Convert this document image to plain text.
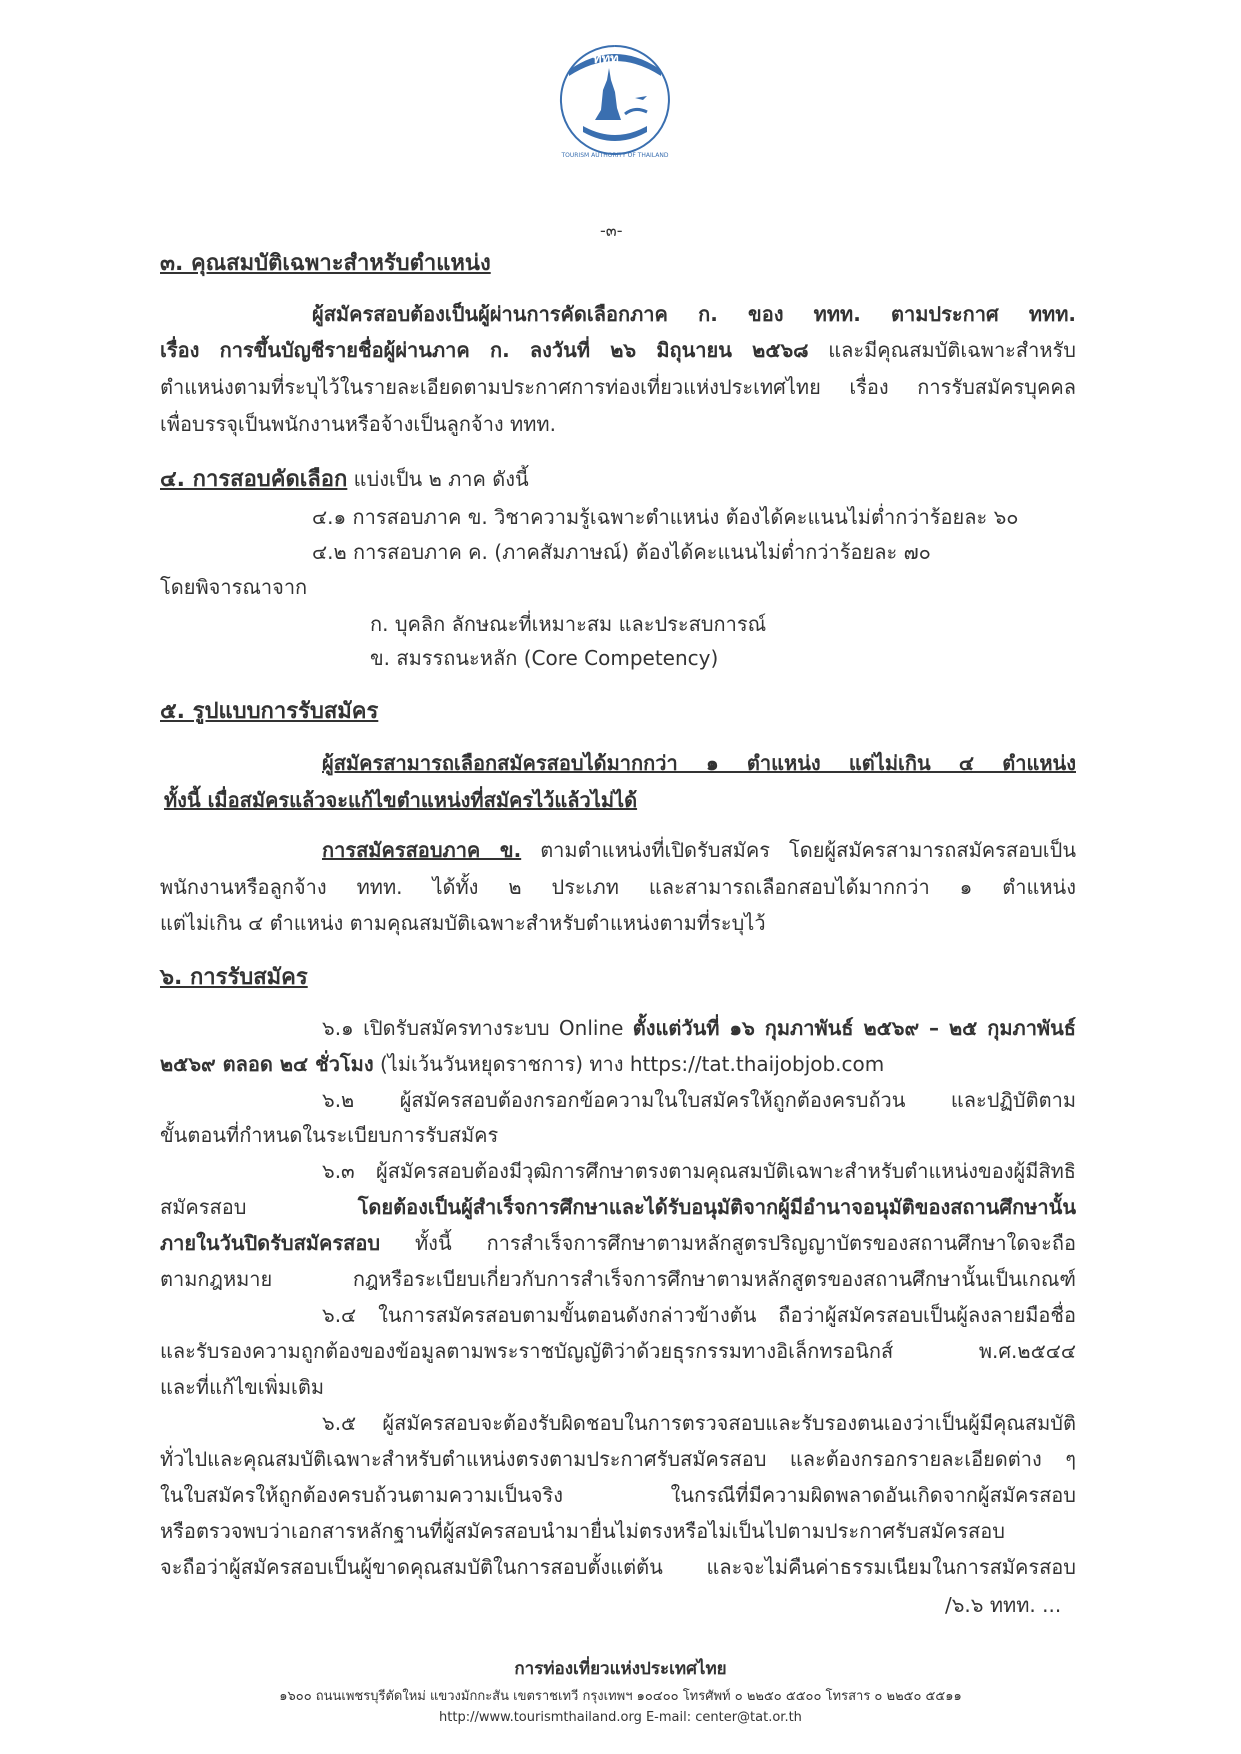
ททท
TOURISM AUTHORITY OF THAILAND
-๓-
๓. คุณสมบัติเฉพาะสำหรับตำแหน่ง
ผู้สมัครสอบต้องเป็นผู้ผ่านการคัดเลือกภาค ก. ของ ททท. ตามประกาศ ททท.
เรื่อง การขึ้นบัญชีรายชื่อผู้ผ่านภาค ก. ลงวันที่ ๒๖ มิถุนายน ๒๕๖๘ และมีคุณสมบัติเฉพาะสำหรับ
ตำแหน่งตามที่ระบุไว้ในรายละเอียดตามประกาศการท่องเที่ยวแห่งประเทศไทย เรื่อง การรับสมัครบุคคล
เพื่อบรรจุเป็นพนักงานหรือจ้างเป็นลูกจ้าง ททท.
๔. การสอบคัดเลือก แบ่งเป็น ๒ ภาค ดังนี้
๔.๑ การสอบภาค ข. วิชาความรู้เฉพาะตำแหน่ง ต้องได้คะแนนไม่ต่ำกว่าร้อยละ ๖๐
๔.๒ การสอบภาค ค. (ภาคสัมภาษณ์) ต้องได้คะแนนไม่ต่ำกว่าร้อยละ ๗๐
โดยพิจารณาจาก
ก. บุคลิก ลักษณะที่เหมาะสม และประสบการณ์
ข. สมรรถนะหลัก (Core Competency)
๕. รูปแบบการรับสมัคร
ผู้สมัครสามารถเลือกสมัครสอบได้มากกว่า ๑ ตำแหน่ง แต่ไม่เกิน ๔ ตำแหน่ง
ทั้งนี้ เมื่อสมัครแล้วจะแก้ไขตำแหน่งที่สมัครไว้แล้วไม่ได้
การสมัครสอบภาค ข. ตามตำแหน่งที่เปิดรับสมัคร โดยผู้สมัครสามารถสมัครสอบเป็น
พนักงานหรือลูกจ้าง ททท. ได้ทั้ง ๒ ประเภท และสามารถเลือกสอบได้มากกว่า ๑ ตำแหน่ง
แต่ไม่เกิน ๔ ตำแหน่ง ตามคุณสมบัติเฉพาะสำหรับตำแหน่งตามที่ระบุไว้
๖. การรับสมัคร
๖.๑ เปิดรับสมัครทางระบบ Online ตั้งแต่วันที่ ๑๖ กุมภาพันธ์ ๒๕๖๙ – ๒๕ กุมภาพันธ์
๒๕๖๙ ตลอด ๒๔ ชั่วโมง (ไม่เว้นวันหยุดราชการ) ทาง https://tat.thaijobjob.com
๖.๒ ผู้สมัครสอบต้องกรอกข้อความในใบสมัครให้ถูกต้องครบถ้วน และปฏิบัติตาม
ขั้นตอนที่กำหนดในระเบียบการรับสมัคร
๖.๓ ผู้สมัครสอบต้องมีวุฒิการศึกษาตรงตามคุณสมบัติเฉพาะสำหรับตำแหน่งของผู้มีสิทธิ
สมัครสอบ โดยต้องเป็นผู้สำเร็จการศึกษาและได้รับอนุมัติจากผู้มีอำนาจอนุมัติของสถานศึกษานั้น
ภายในวันปิดรับสมัครสอบ ทั้งนี้ การสำเร็จการศึกษาตามหลักสูตรปริญญาบัตรของสถานศึกษาใดจะถือ
ตามกฎหมาย กฎหรือระเบียบเกี่ยวกับการสำเร็จการศึกษาตามหลักสูตรของสถานศึกษานั้นเป็นเกณฑ์
๖.๔ ในการสมัครสอบตามขั้นตอนดังกล่าวข้างต้น ถือว่าผู้สมัครสอบเป็นผู้ลงลายมือชื่อ
และรับรองความถูกต้องของข้อมูลตามพระราชบัญญัติว่าด้วยธุรกรรมทางอิเล็กทรอนิกส์ พ.ศ.๒๕๔๔
และที่แก้ไขเพิ่มเติม
๖.๕ ผู้สมัครสอบจะต้องรับผิดชอบในการตรวจสอบและรับรองตนเองว่าเป็นผู้มีคุณสมบัติ
ทั่วไปและคุณสมบัติเฉพาะสำหรับตำแหน่งตรงตามประกาศรับสมัครสอบ และต้องกรอกรายละเอียดต่าง ๆ
ในใบสมัครให้ถูกต้องครบถ้วนตามความเป็นจริง ในกรณีที่มีความผิดพลาดอันเกิดจากผู้สมัครสอบ
หรือตรวจพบว่าเอกสารหลักฐานที่ผู้สมัครสอบนำมายื่นไม่ตรงหรือไม่เป็นไปตามประกาศรับสมัครสอบ
จะถือว่าผู้สมัครสอบเป็นผู้ขาดคุณสมบัติในการสอบตั้งแต่ต้น และจะไม่คืนค่าธรรมเนียมในการสมัครสอบ
/๖.๖ ททท. ...
การท่องเที่ยวแห่งประเทศไทย
๑๖๐๐ ถนนเพชรบุรีตัดใหม่ แขวงมักกะสัน เขตราชเทวี กรุงเทพฯ ๑๐๔๐๐ โทรศัพท์ ๐ ๒๒๕๐ ๕๕๐๐ โทรสาร ๐ ๒๒๕๐ ๕๕๑๑
http://www.tourismthailand.org E-mail: center@tat.or.th
